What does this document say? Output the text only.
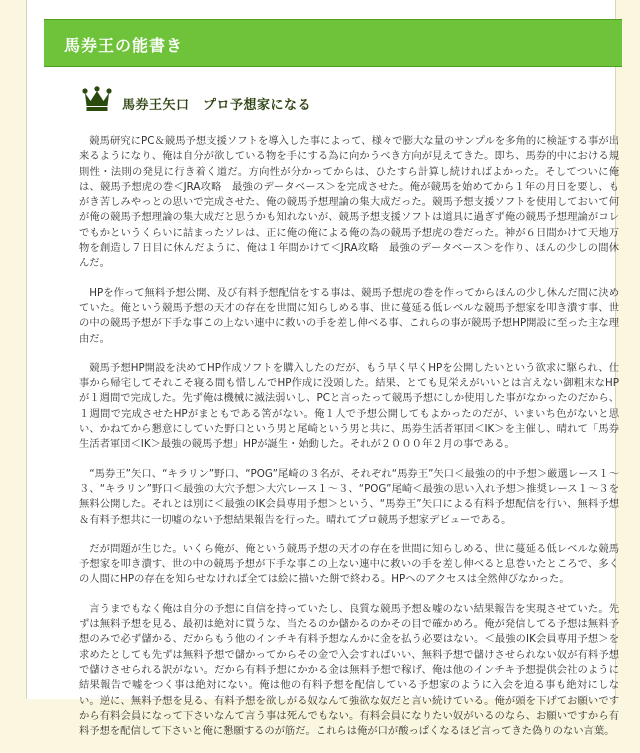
馬券王の能書き
馬券王矢口　プロ予想家になる

競馬研究にPC＆競馬予想支援ソフトを導入した事によって、様々で膨大な量のサンプルを多角的に検証する事が出来るようになり、俺は自分が欲している物を手にする為に向かうべき方向が見えてきた。即ち、馬券的中における規則性・法則の発見に行き着く道だ。方向性が分かってからは、ひたすら計算し続ければよかった。そしてついに俺は、競馬予想虎の巻＜JRA攻略　最強のデータベース＞を完成させた。俺が競馬を始めてから１年の月日を要し、もがき苦しみやっとの思いで完成させた、俺の競馬予想理論の集大成だった。競馬予想支援ソフトを使用しておいて何が俺の競馬予想理論の集大成だと思うかも知れないが、競馬予想支援ソフトは道具に過ぎず俺の競馬予想理論がコレでもかというくらいに詰まったソレは、正に俺の俺による俺の為の競馬予想虎の巻だった。神が６日間かけて天地万物を創造し７日目に休んだように、俺は１年間かけて＜JRA攻略　最強のデータベース＞を作り、ほんの少しの間休んだ。

HPを作って無料予想公開、及び有料予想配信をする事は、競馬予想虎の巻を作ってからほんの少し休んだ間に決めていた。俺という競馬予想の天才の存在を世間に知らしめる事、世に蔓延る低レベルな競馬予想家を叩き潰す事、世の中の競馬予想が下手な事この上ない連中に救いの手を差し伸べる事、これらの事が競馬予想HP開設に至った主な理由だ。

競馬予想HP開設を決めてHP作成ソフトを購入したのだが、もう早く早くHPを公開したいという欲求に駆られ、仕事から帰宅してそれこそ寝る間も惜しんでHP作成に没頭した。結果、とても見栄えがいいとは言えない御粗末なHPが１週間で完成した。先ず俺は機械に滅法弱いし、PCと言ったって競馬予想にしか使用した事がなかったのだから、１週間で完成させたHPがまともである筈がない。俺１人で予想公開してもよかったのだが、いまいち色がないと思い、かねてから懇意にしていた野口という男と尾崎という男と共に、馬券生活者軍団＜IK＞を主催し、晴れて「馬券生活者軍団＜IK＞最強の競馬予想」HPが誕生・始動した。それが２０００年２月の事である。

“馬券王”矢口、“キラリン”野口、“POG”尾崎の３名が、それぞれ“馬券王”矢口＜最強の的中予想＞厳選レース１〜３、“キラリン”野口＜最強の大穴予想＞大穴レース１〜３、“POG”尾崎＜最強の思い入れ予想＞推奨レース１〜３を無料公開した。それとは別に＜最強のIK会員専用予想＞という、“馬券王”矢口による有料予想配信を行い、無料予想＆有料予想共に一切嘘のない予想結果報告を行った。晴れてプロ競馬予想家デビューである。

だが問題が生じた。いくら俺が、俺という競馬予想の天才の存在を世間に知らしめる、世に蔓延る低レベルな競馬予想家を叩き潰す、世の中の競馬予想が下手な事この上ない連中に救いの手を差し伸べると息巻いたところで、多くの人間にHPの存在を知らせなければ全ては絵に描いた餅で終わる。HPへのアクセスは全然伸びなかった。

言うまでもなく俺は自分の予想に自信を持っていたし、良質な競馬予想＆嘘のない結果報告を実現させていた。先ずは無料予想を見る、最初は絶対に買うな、当たるのか儲かるのかその目で確かめろ。俺が発信してる予想は無料予想のみで必ず儲かる、だからもう他のインチキ有料予想なんかに金を払う必要はない。＜最強のIK会員専用予想＞を求めたとしても先ずは無料予想で儲かってからその金で入会すればいい、無料予想で儲けさせられない奴が有料予想で儲けさせられる訳がない。だから有料予想にかかる金は無料予想で稼げ、俺は他のインチキ予想提供会社のように結果報告で嘘をつく事は絶対にない。俺は他の有料予想を配信している予想家のように入会を迫る事も絶対にしない。逆に、無料予想を見る、有料予想を欲しがる奴なんて強欲な奴だと言い続けている。俺が頭を下げてお願いですから有料会員になって下さいなんて言う事は死んでもない。有料会員になりたい奴がいるのなら、お願いですから有料予想を配信して下さいと俺に懇願するのが筋だ。これらは俺が口が酸っぱくなるほど言ってきた偽りのない言葉。
